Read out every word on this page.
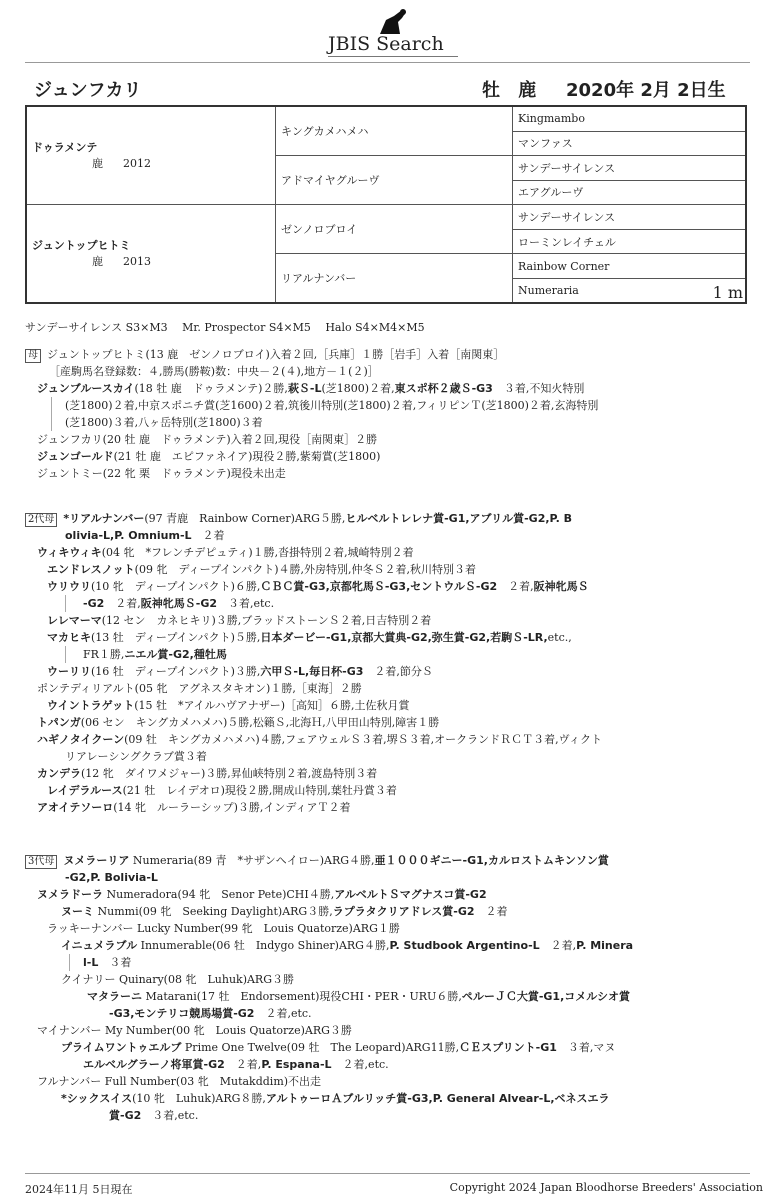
JBIS Search
ジュンフカリ	牡 鹿 2020年 2月 2日生
ドゥラメンテ
鹿 2012	キングカメハメハ	Kingmambo
		マンファス
	アドマイヤグルーヴ	サンデーサイレンス
		エアグルーヴ

ジュントップヒトミ
鹿 2013	ゼンノロブロイ	サンデーサイレンス
		ローミンレイチェル
	リアルナンバー	Rainbow Corner
		Numeraria 1 m
サンデーサイレンス S3×M3　 Mr. Prospector S4×M5　 Halo S4×M4×M5
母 ジュントップヒトミ(13 鹿　ゼンノロブロイ)入着２回,［兵庫］１勝［岩手］入着［南関東］
［産駒馬名登録数：４,勝馬(勝鞍)数：中央－２(４),地方－１(２)］
ジュンブルースカイ(18 牡 鹿　ドゥラメンテ)２勝,萩Ｓ-L(芝1800)２着,東スポ杯２歳Ｓ-G3　３着,不知火特別
(芝1800)２着,中京スポニチ賞(芝1600)２着,筑後川特別(芝1800)２着,フィリピンＴ(芝1800)２着,玄海特別
(芝1800)３着,八ヶ岳特別(芝1800)３着
ジュンフカリ(20 牡 鹿　ドゥラメンテ)入着２回,現役［南関東］２勝
ジュンゴールド(21 牡 鹿　エピファネイア)現役２勝,紫菊賞(芝1800)
ジュントミー(22 牝 栗　ドゥラメンテ)現役未出走
2代母 *リアルナンバー(97 青鹿　Rainbow Corner)ARG５勝,ヒルベルトレレナ賞-G1,アブリル賞-G2,P. B
olivia-L,P. Omnium-L　２着
ウィキウィキ(04 牝　*フレンチデピュティ)１勝,沓掛特別２着,城崎特別２着
エンドレスノット(09 牝　ディープインパクト)４勝,外房特別,仲冬Ｓ２着,秋川特別３着
ウリウリ(10 牝　ディープインパクト)６勝,ＣＢＣ賞-G3,京都牝馬Ｓ-G3,セントウルＳ-G2　２着,阪神牝馬Ｓ
-G2　２着,阪神牝馬Ｓ-G2　３着,etc.
レレマーマ(12 セン　カネヒキリ)３勝,ブラッドストーンＳ２着,日吉特別２着
マカヒキ(13 牡　ディープインパクト)５勝,日本ダービー-G1,京都大賞典-G2,弥生賞-G2,若駒Ｓ-LR,etc.,
FR１勝,ニエル賞-G2,種牡馬
ウーリリ(16 牡　ディープインパクト)３勝,六甲Ｓ-L,毎日杯-G3　２着,節分Ｓ
ポンテディリアルト(05 牝　アグネスタキオン)１勝,［東海］２勝
ウイントラゲット(15 牡　*アイルハヴアナザー)［高知］６勝,土佐秋月賞
トパンガ(06 セン　キングカメハメハ)５勝,松籟Ｓ,北海Ｈ,八甲田山特別,障害１勝
ハギノタイクーン(09 牡　キングカメハメハ)４勝,フェアウェルＳ３着,堺Ｓ３着,オークランドＲＣＴ３着,ヴィクト
リアレーシングクラブ賞３着
カンデラ(12 牝　ダイワメジャー)３勝,昇仙峡特別２着,渡島特別３着
レイデラルース(21 牡　レイデオロ)現役２勝,開成山特別,葉牡丹賞３着
アオイテソーロ(14 牝　ルーラーシップ)３勝,インディアＴ２着
3代母 ヌメラーリア Numeraria(89 青　*サザンヘイロー)ARG４勝,亜１０００ギニー-G1,カルロストムキンソン賞
-G2,P. Bolivia-L
ヌメラドーラ Numeradora(94 牝　Senor Pete)CHI４勝,アルベルトＳマグナスコ賞-G2
ヌーミ Nummi(09 牝　Seeking Daylight)ARG３勝,ラプラタクリアドレス賞-G2　２着
ラッキーナンバー Lucky Number(99 牝　Louis Quatorze)ARG１勝
イニュメラブル Innumerable(06 牡　Indygo Shiner)ARG４勝,P. Studbook Argentino-L　２着,P. Minera
l-L　３着
クイナリー Quinary(08 牝　Luhuk)ARG３勝
マタラーニ Matarani(17 牡　Endorsement)現役CHI・PER・URU６勝,ペルーＪＣ大賞-G1,コメルシオ賞
-G3,モンテリコ競馬場賞-G2　２着,etc.
マイナンバー My Number(00 牝　Louis Quatorze)ARG３勝
プライムワントゥエルブ Prime One Twelve(09 牡　The Leopard)ARG11勝,ＣＥスプリント-G1　３着,マヌ
エルベルグラーノ将軍賞-G2　２着,P. Espana-L　２着,etc.
フルナンバー Full Number(03 牝　Mutakddim)不出走
*シックスイス(10 牝　Luhuk)ARG８勝,アルトゥーロＡブルリッチ賞-G3,P. General Alvear-L,ベネスエラ
賞-G2　３着,etc.
2024年11月 5日現在	Copyright 2024 Japan Bloodhorse Breeders' Association
